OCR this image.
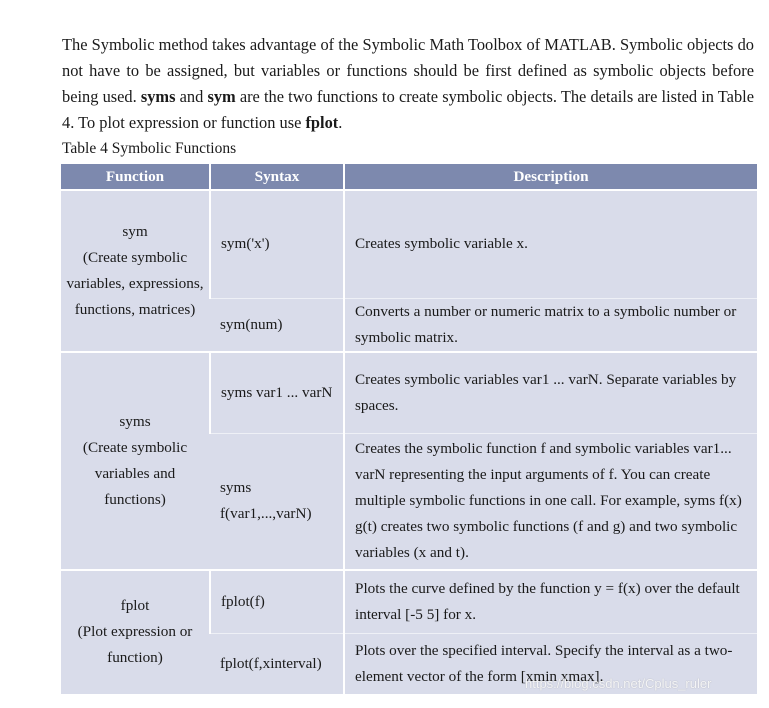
The Symbolic method takes advantage of the Symbolic Math Toolbox of MATLAB. Symbolic objects do not have to be assigned, but variables or functions should be first defined as symbolic objects before being used. syms and sym are the two functions to create symbolic objects. The details are listed in Table 4. To plot expression or function use fplot.

Table 4 Symbolic Functions
Function	Syntax	Description

sym
(Create symbolic variables, expressions, functions, matrices)	sym('x')	Creates symbolic variable x.
	sym(num)	Converts a number or numeric matrix to a symbolic number or symbolic matrix.

syms
(Create symbolic variables and functions)	syms var1 ... varN	Creates symbolic variables var1 ... varN. Separate variables by spaces.
	syms f(var1,...,varN)	Creates the symbolic function f and symbolic variables var1... varN representing the input arguments of f. You can create multiple symbolic functions in one call. For example, syms f(x) g(t) creates two symbolic functions (f and g) and two symbolic variables (x and t).

fplot
(Plot expression or function)	fplot(f)	Plots the curve defined by the function y = f(x) over the default interval [-5 5] for x.
	fplot(f,xinterval)	Plots over the specified interval. Specify the interval as a two-element vector of the form [xmin xmax].
https://blog.csdn.net/Cplus_ruler
